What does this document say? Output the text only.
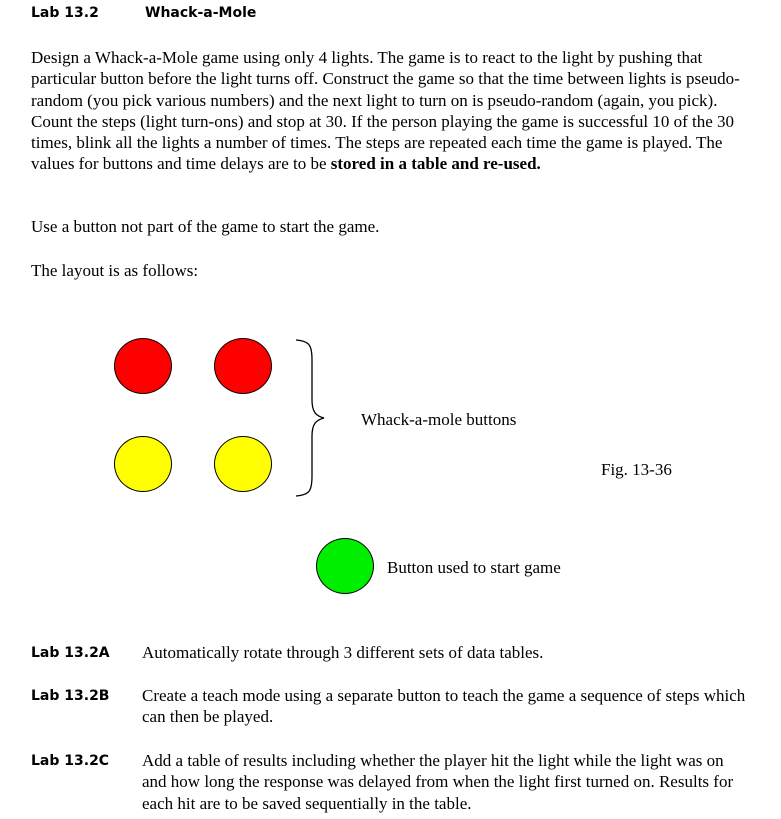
Lab 13.2	Whack-a-Mole

Design a Whack-a-Mole game using only 4 lights. The game is to react to the light by pushing that particular button before the light turns off. Construct the game so that the time between lights is pseudo-random (you pick various numbers) and the next light to turn on is pseudo-random (again, you pick). Count the steps (light turn-ons) and stop at 30. If the person playing the game is successful 10 of the 30 times, blink all the lights a number of times. The steps are repeated each time the game is played. The values for buttons and time delays are to be stored in a table and re-used.

Use a button not part of the game to start the game.

The layout is as follows:

Whack-a-mole buttons
Fig. 13-36
Button used to start game
Lab 13.2A Automatically rotate through 3 different sets of data tables.
Lab 13.2B Create a teach mode using a separate button to teach the game a sequence of steps which can then be played.
Lab 13.2C Add a table of results including whether the player hit the light while the light was on and how long the response was delayed from when the light first turned on. Results for each hit are to be saved sequentially in the table.
